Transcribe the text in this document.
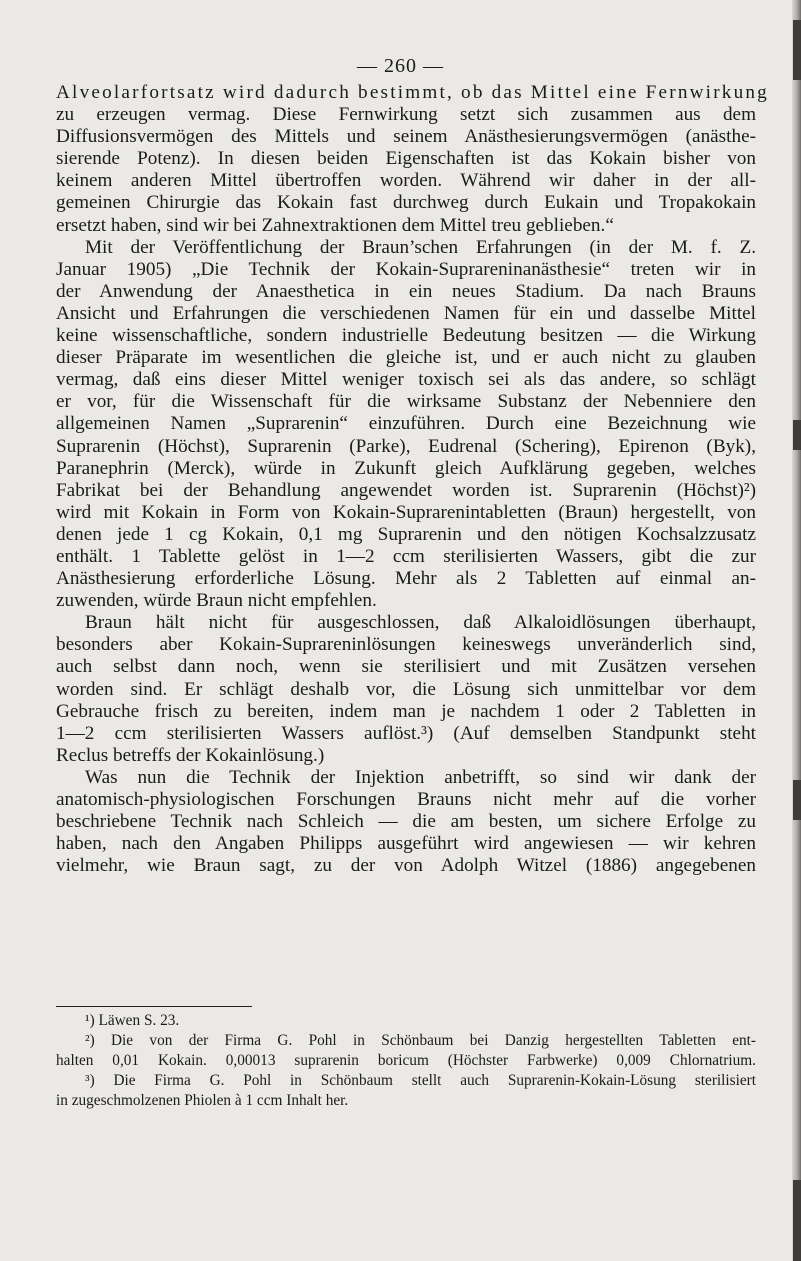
— 260 —
Alveolarfortsatz wird dadurch bestimmt, ob das Mittel eine Fernwirkung
zu erzeugen vermag. Diese Fernwirkung setzt sich zusammen aus dem
Diffusionsvermögen des Mittels und seinem Anästhesierungsvermögen (anästhe-
sierende Potenz). In diesen beiden Eigenschaften ist das Kokain bisher von
keinem anderen Mittel übertroffen worden. Während wir daher in der all-
gemeinen Chirurgie das Kokain fast durchweg durch Eukain und Tropakokain
ersetzt haben, sind wir bei Zahnextraktionen dem Mittel treu geblieben.“
Mit der Veröffentlichung der Braun’schen Erfahrungen (in der M. f. Z.
Januar 1905) „Die Technik der Kokain-Suprareninanästhesie“ treten wir in
der Anwendung der Anaesthetica in ein neues Stadium. Da nach Brauns
Ansicht und Erfahrungen die verschiedenen Namen für ein und dasselbe Mittel
keine wissenschaftliche, sondern industrielle Bedeutung besitzen — die Wirkung
dieser Präparate im wesentlichen die gleiche ist, und er auch nicht zu glauben
vermag, daß eins dieser Mittel weniger toxisch sei als das andere, so schlägt
er vor, für die Wissenschaft für die wirksame Substanz der Nebenniere den
allgemeinen Namen „Suprarenin“ einzuführen. Durch eine Bezeichnung wie
Suprarenin (Höchst), Suprarenin (Parke), Eudrenal (Schering), Epirenon (Byk),
Paranephrin (Merck), würde in Zukunft gleich Aufklärung gegeben, welches
Fabrikat bei der Behandlung angewendet worden ist. Suprarenin (Höchst)²)
wird mit Kokain in Form von Kokain-Suprarenintabletten (Braun) hergestellt, von
denen jede 1 cg Kokain, 0,1 mg Suprarenin und den nötigen Kochsalzzusatz
enthält. 1 Tablette gelöst in 1—2 ccm sterilisierten Wassers, gibt die zur
Anästhesierung erforderliche Lösung. Mehr als 2 Tabletten auf einmal an-
zuwenden, würde Braun nicht empfehlen.
Braun hält nicht für ausgeschlossen, daß Alkaloidlösungen überhaupt,
besonders aber Kokain-Suprareninlösungen keineswegs unveränderlich sind,
auch selbst dann noch, wenn sie sterilisiert und mit Zusätzen versehen
worden sind. Er schlägt deshalb vor, die Lösung sich unmittelbar vor dem
Gebrauche frisch zu bereiten, indem man je nachdem 1 oder 2 Tabletten in
1—2 ccm sterilisierten Wassers auflöst.³) (Auf demselben Standpunkt steht
Reclus betreffs der Kokainlösung.)
Was nun die Technik der Injektion anbetrifft, so sind wir dank der
anatomisch-physiologischen Forschungen Brauns nicht mehr auf die vorher
beschriebene Technik nach Schleich — die am besten, um sichere Erfolge zu
haben, nach den Angaben Philipps ausgeführt wird angewiesen — wir kehren
vielmehr, wie Braun sagt, zu der von Adolph Witzel (1886) angegebenen
¹) Läwen S. 23.
²) Die von der Firma G. Pohl in Schönbaum bei Danzig hergestellten Tabletten ent-
halten 0,01 Kokain. 0,00013 suprarenin boricum (Höchster Farbwerke) 0,009 Chlornatrium.
³) Die Firma G. Pohl in Schönbaum stellt auch Suprarenin-Kokain-Lösung sterilisiert
in zugeschmolzenen Phiolen à 1 ccm Inhalt her.
